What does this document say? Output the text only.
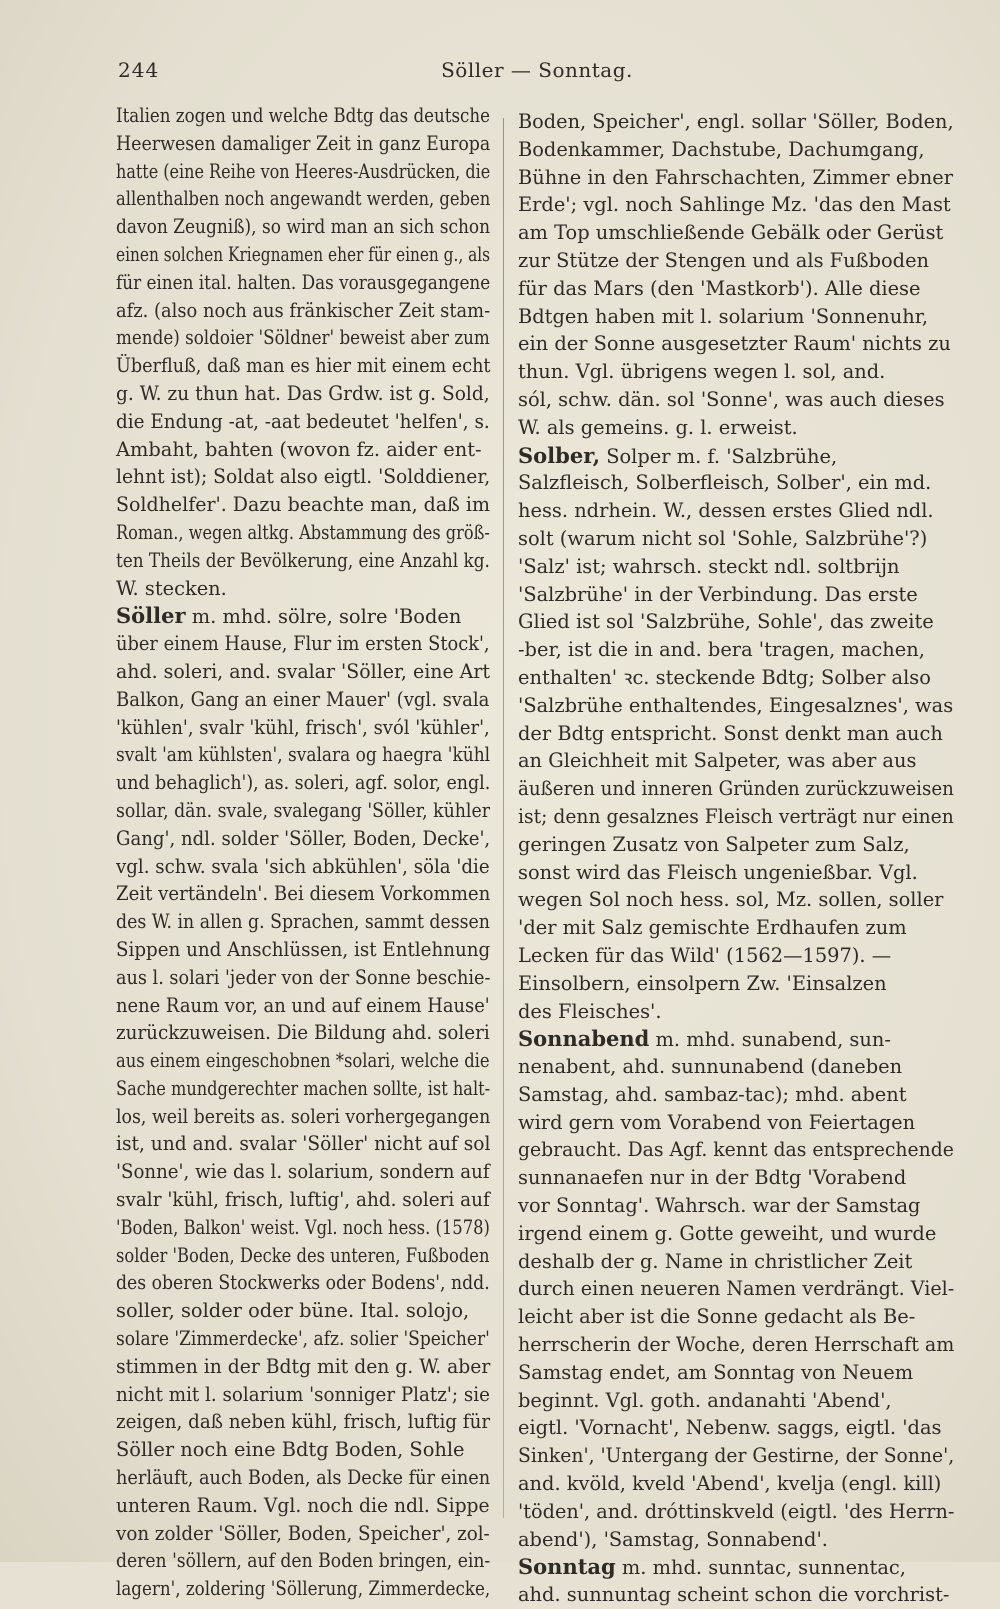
244	Söller — Sonntag.
Italien zogen und welche Bdtg das deutsche
Heerwesen damaliger Zeit in ganz Europa
hatte (eine Reihe von Heeres-Ausdrücken, die
allenthalben noch angewandt werden, geben
davon Zeugniß), so wird man an sich schon
einen solchen Kriegnamen eher für einen g., als
für einen ital. halten. Das vorausgegangene
afz. (also noch aus fränkischer Zeit stam-
mende) soldoier 'Söldner' beweist aber zum
Überfluß, daß man es hier mit einem echt
g. W. zu thun hat. Das Grdw. ist g. Sold,
die Endung -at, -aat bedeutet 'helfen', s.
Ambaht, bahten (wovon fz. aider ent-
lehnt ist); Soldat also eigtl. 'Solddiener,
Soldhelfer'. Dazu beachte man, daß im
Roman., wegen altkg. Abstammung des größ-
ten Theils der Bevölkerung, eine Anzahl kg.
W. stecken.
Söller m. mhd. sölre, solre 'Boden
über einem Hause, Flur im ersten Stock',
ahd. soleri, and. svalar 'Söller, eine Art
Balkon, Gang an einer Mauer' (vgl. svala
'kühlen', svalr 'kühl, frisch', svól 'kühler',
svalt 'am kühlsten', svalara og haegra 'kühl
und behaglich'), as. soleri, agf. solor, engl.
sollar, dän. svale, svalegang 'Söller, kühler
Gang', ndl. solder 'Söller, Boden, Decke',
vgl. schw. svala 'sich abkühlen', söla 'die
Zeit vertändeln'. Bei diesem Vorkommen
des W. in allen g. Sprachen, sammt dessen
Sippen und Anschlüssen, ist Entlehnung
aus l. solari 'jeder von der Sonne beschie-
nene Raum vor, an und auf einem Hause'
zurückzuweisen. Die Bildung ahd. soleri
aus einem eingeschobnen *solari, welche die
Sache mundgerechter machen sollte, ist halt-
los, weil bereits as. soleri vorhergegangen
ist, und and. svalar 'Söller' nicht auf sol
'Sonne', wie das l. solarium, sondern auf
svalr 'kühl, frisch, luftig', ahd. soleri auf
'Boden, Balkon' weist. Vgl. noch hess. (1578)
solder 'Boden, Decke des unteren, Fußboden
des oberen Stockwerks oder Bodens', ndd.
soller, solder oder büne. Ital. solojo,
solare 'Zimmerdecke', afz. solier 'Speicher'
stimmen in der Bdtg mit den g. W. aber
nicht mit l. solarium 'sonniger Platz'; sie
zeigen, daß neben kühl, frisch, luftig für
Söller noch eine Bdtg Boden, Sohle
herläuft, auch Boden, als Decke für einen
unteren Raum. Vgl. noch die ndl. Sippe
von zolder 'Söller, Boden, Speicher', zol-
deren 'söllern, auf den Boden bringen, ein-
lagern', zoldering 'Söllerung, Zimmerdecke,
Boden, Speicher', engl. sollar 'Söller, Boden,
Bodenkammer, Dachstube, Dachumgang,
Bühne in den Fahrschachten, Zimmer ebner
Erde'; vgl. noch Sahlinge Mz. 'das den Mast
am Top umschließende Gebälk oder Gerüst
zur Stütze der Stengen und als Fußboden
für das Mars (den 'Mastkorb'). Alle diese
Bdtgen haben mit l. solarium 'Sonnenuhr,
ein der Sonne ausgesetzter Raum' nichts zu
thun. Vgl. übrigens wegen l. sol, and.
sól, schw. dän. sol 'Sonne', was auch dieses
W. als gemeins. g. l. erweist.
Solber, Solper m. f. 'Salzbrühe,
Salzfleisch, Solberfleisch, Solber', ein md.
hess. ndrhein. W., dessen erstes Glied ndl.
solt (warum nicht sol 'Sohle, Salzbrühe'?)
'Salz' ist; wahrsch. steckt ndl. soltbrijn
'Salzbrühe' in der Verbindung. Das erste
Glied ist sol 'Salzbrühe, Sohle', das zweite
-ber, ist die in and. bera 'tragen, machen,
enthalten' ꝛc. steckende Bdtg; Solber also
'Salzbrühe enthaltendes, Eingesalznes', was
der Bdtg entspricht. Sonst denkt man auch
an Gleichheit mit Salpeter, was aber aus
äußeren und inneren Gründen zurückzuweisen
ist; denn gesalznes Fleisch verträgt nur einen
geringen Zusatz von Salpeter zum Salz,
sonst wird das Fleisch ungenießbar. Vgl.
wegen Sol noch hess. sol, Mz. sollen, soller
'der mit Salz gemischte Erdhaufen zum
Lecken für das Wild' (1562—1597). —
Einsolbern, einsolpern Zw. 'Einsalzen
des Fleisches'.
Sonnabend m. mhd. sunabend, sun-
nenabent, ahd. sunnunabend (daneben
Samstag, ahd. sambaz-tac); mhd. abent
wird gern vom Vorabend von Feiertagen
gebraucht. Das Agf. kennt das entsprechende
sunnanaefen nur in der Bdtg 'Vorabend
vor Sonntag'. Wahrsch. war der Samstag
irgend einem g. Gotte geweiht, und wurde
deshalb der g. Name in christlicher Zeit
durch einen neueren Namen verdrängt. Viel-
leicht aber ist die Sonne gedacht als Be-
herrscherin der Woche, deren Herrschaft am
Samstag endet, am Sonntag von Neuem
beginnt. Vgl. goth. andanahti 'Abend',
eigtl. 'Vornacht', Nebenw. saggs, eigtl. 'das
Sinken', 'Untergang der Gestirne, der Sonne',
and. kvöld, kveld 'Abend', kvelja (engl. kill)
'töden', and. dróttinskveld (eigtl. 'des Herrn-
abend'), 'Samstag, Sonnabend'.
Sonntag m. mhd. sunntac, sunnentac,
ahd. sunnuntag scheint schon die vorchrist-
